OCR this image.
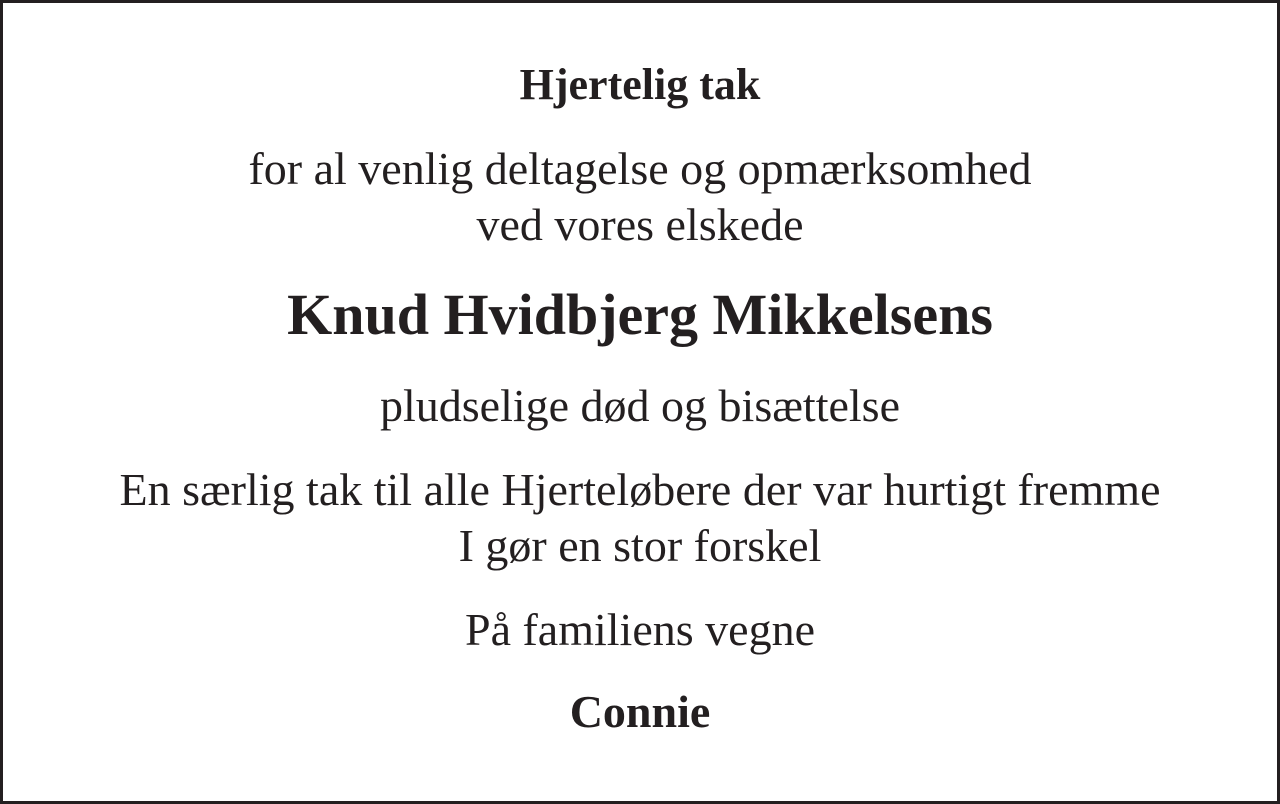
Hjertelig tak
for al venlig deltagelse og opmærksomhed
ved vores elskede
Knud Hvidbjerg Mikkelsens
pludselige død og bisættelse
En særlig tak til alle Hjerteløbere der var hurtigt fremme
I gør en stor forskel
På familiens vegne
Connie
